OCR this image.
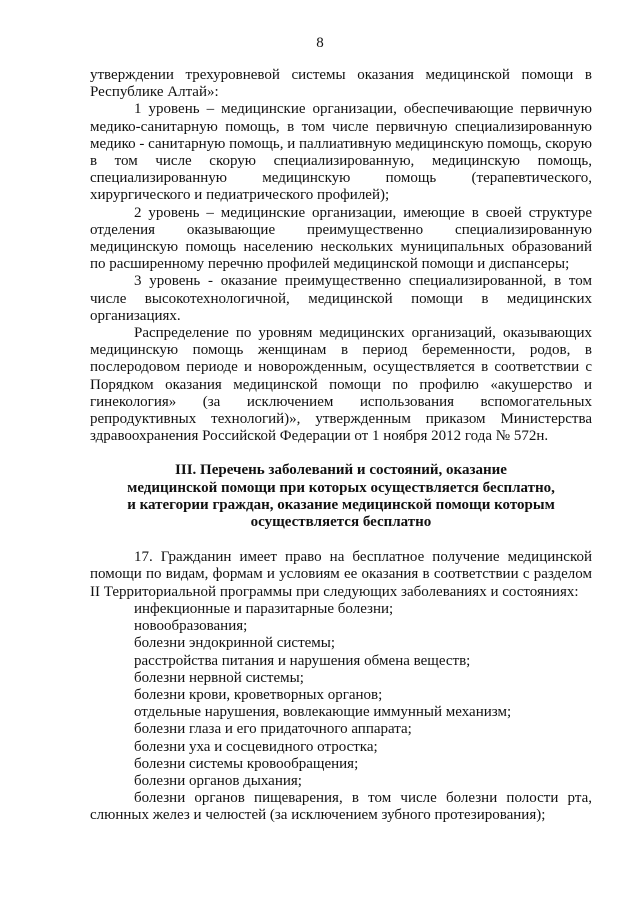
8

утверждении трехуровневой системы оказания медицинской помощи в Республике Алтай»:

1 уровень – медицинские организации, обеспечивающие первичную медико-санитарную помощь, в том числе первичную специализированную медико - санитарную помощь, и паллиативную медицинскую помощь, скорую в том числе скорую специализированную, медицинскую помощь, специализированную медицинскую помощь (терапевтического, хирургического и педиатрического профилей);

2 уровень – медицинские организации, имеющие в своей структуре отделения оказывающие преимущественно специализированную медицинскую помощь населению нескольких муниципальных образований по расширенному перечню профилей медицинской помощи и диспансеры;

3 уровень - оказание преимущественно специализированной, в том числе высокотехнологичной, медицинской помощи в медицинских организациях.

Распределение по уровням медицинских организаций, оказывающих медицинскую помощь женщинам в период беременности, родов, в послеродовом периоде и новорожденным, осуществляется в соответствии с Порядком оказания медицинской помощи по профилю «акушерство и гинекология» (за исключением использования вспомогательных репродуктивных технологий)», утвержденным приказом Министерства здравоохранения Российской Федерации от 1 ноября 2012 года № 572н.

III. Перечень заболеваний и состояний, оказание
медицинской помощи при которых осуществляется бесплатно,
и категории граждан, оказание медицинской помощи которым
осуществляется бесплатно

17. Гражданин имеет право на бесплатное получение медицинской помощи по видам, формам и условиям ее оказания в соответствии с разделом II Территориальной программы при следующих заболеваниях и состояниях:

инфекционные и паразитарные болезни;
новообразования;
болезни эндокринной системы;
расстройства питания и нарушения обмена веществ;
болезни нервной системы;
болезни крови, кроветворных органов;
отдельные нарушения, вовлекающие иммунный механизм;
болезни глаза и его придаточного аппарата;
болезни уха и сосцевидного отростка;
болезни системы кровообращения;
болезни органов дыхания;
болезни органов пищеварения, в том числе болезни полости рта, слюнных желез и челюстей (за исключением зубного протезирования);
